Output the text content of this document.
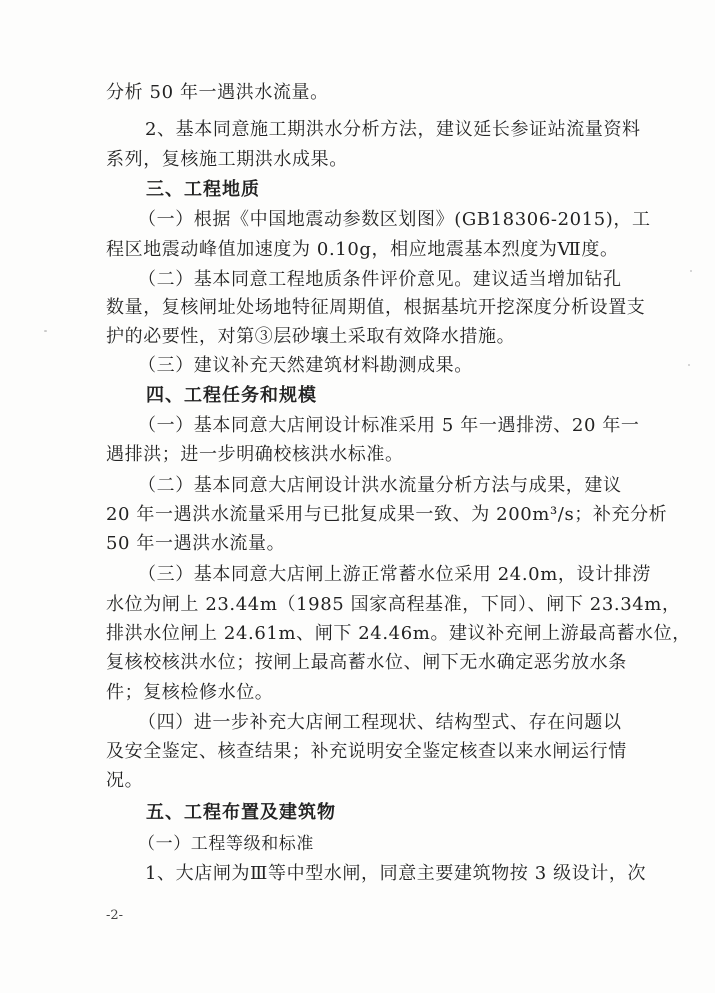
分析 50 年一遇洪水流量。
2、基本同意施工期洪水分析方法，建议延长参证站流量资料
系列，复核施工期洪水成果。
三、工程地质
（一）根据《中国地震动参数区划图》(GB18306-2015)，工
程区地震动峰值加速度为 0.10g，相应地震基本烈度为Ⅶ度。
（二）基本同意工程地质条件评价意见。建议适当增加钻孔
数量，复核闸址处场地特征周期值，根据基坑开挖深度分析设置支
护的必要性，对第③层砂壤土采取有效降水措施。
（三）建议补充天然建筑材料勘测成果。
四、工程任务和规模
（一）基本同意大店闸设计标准采用 5 年一遇排涝、20 年一
遇排洪；进一步明确校核洪水标准。
（二）基本同意大店闸设计洪水流量分析方法与成果，建议
20 年一遇洪水流量采用与已批复成果一致、为 200m³/s；补充分析
50 年一遇洪水流量。
（三）基本同意大店闸上游正常蓄水位采用 24.0m，设计排涝
水位为闸上 23.44m（1985 国家高程基准，下同）、闸下 23.34m，
排洪水位闸上 24.61m、闸下 24.46m。建议补充闸上游最高蓄水位，
复核校核洪水位；按闸上最高蓄水位、闸下无水确定恶劣放水条
件；复核检修水位。
（四）进一步补充大店闸工程现状、结构型式、存在问题以
及安全鉴定、核查结果；补充说明安全鉴定核查以来水闸运行情
况。
五、工程布置及建筑物
（一）工程等级和标准
1、大店闸为Ⅲ等中型水闸，同意主要建筑物按 3 级设计，次
-2-
